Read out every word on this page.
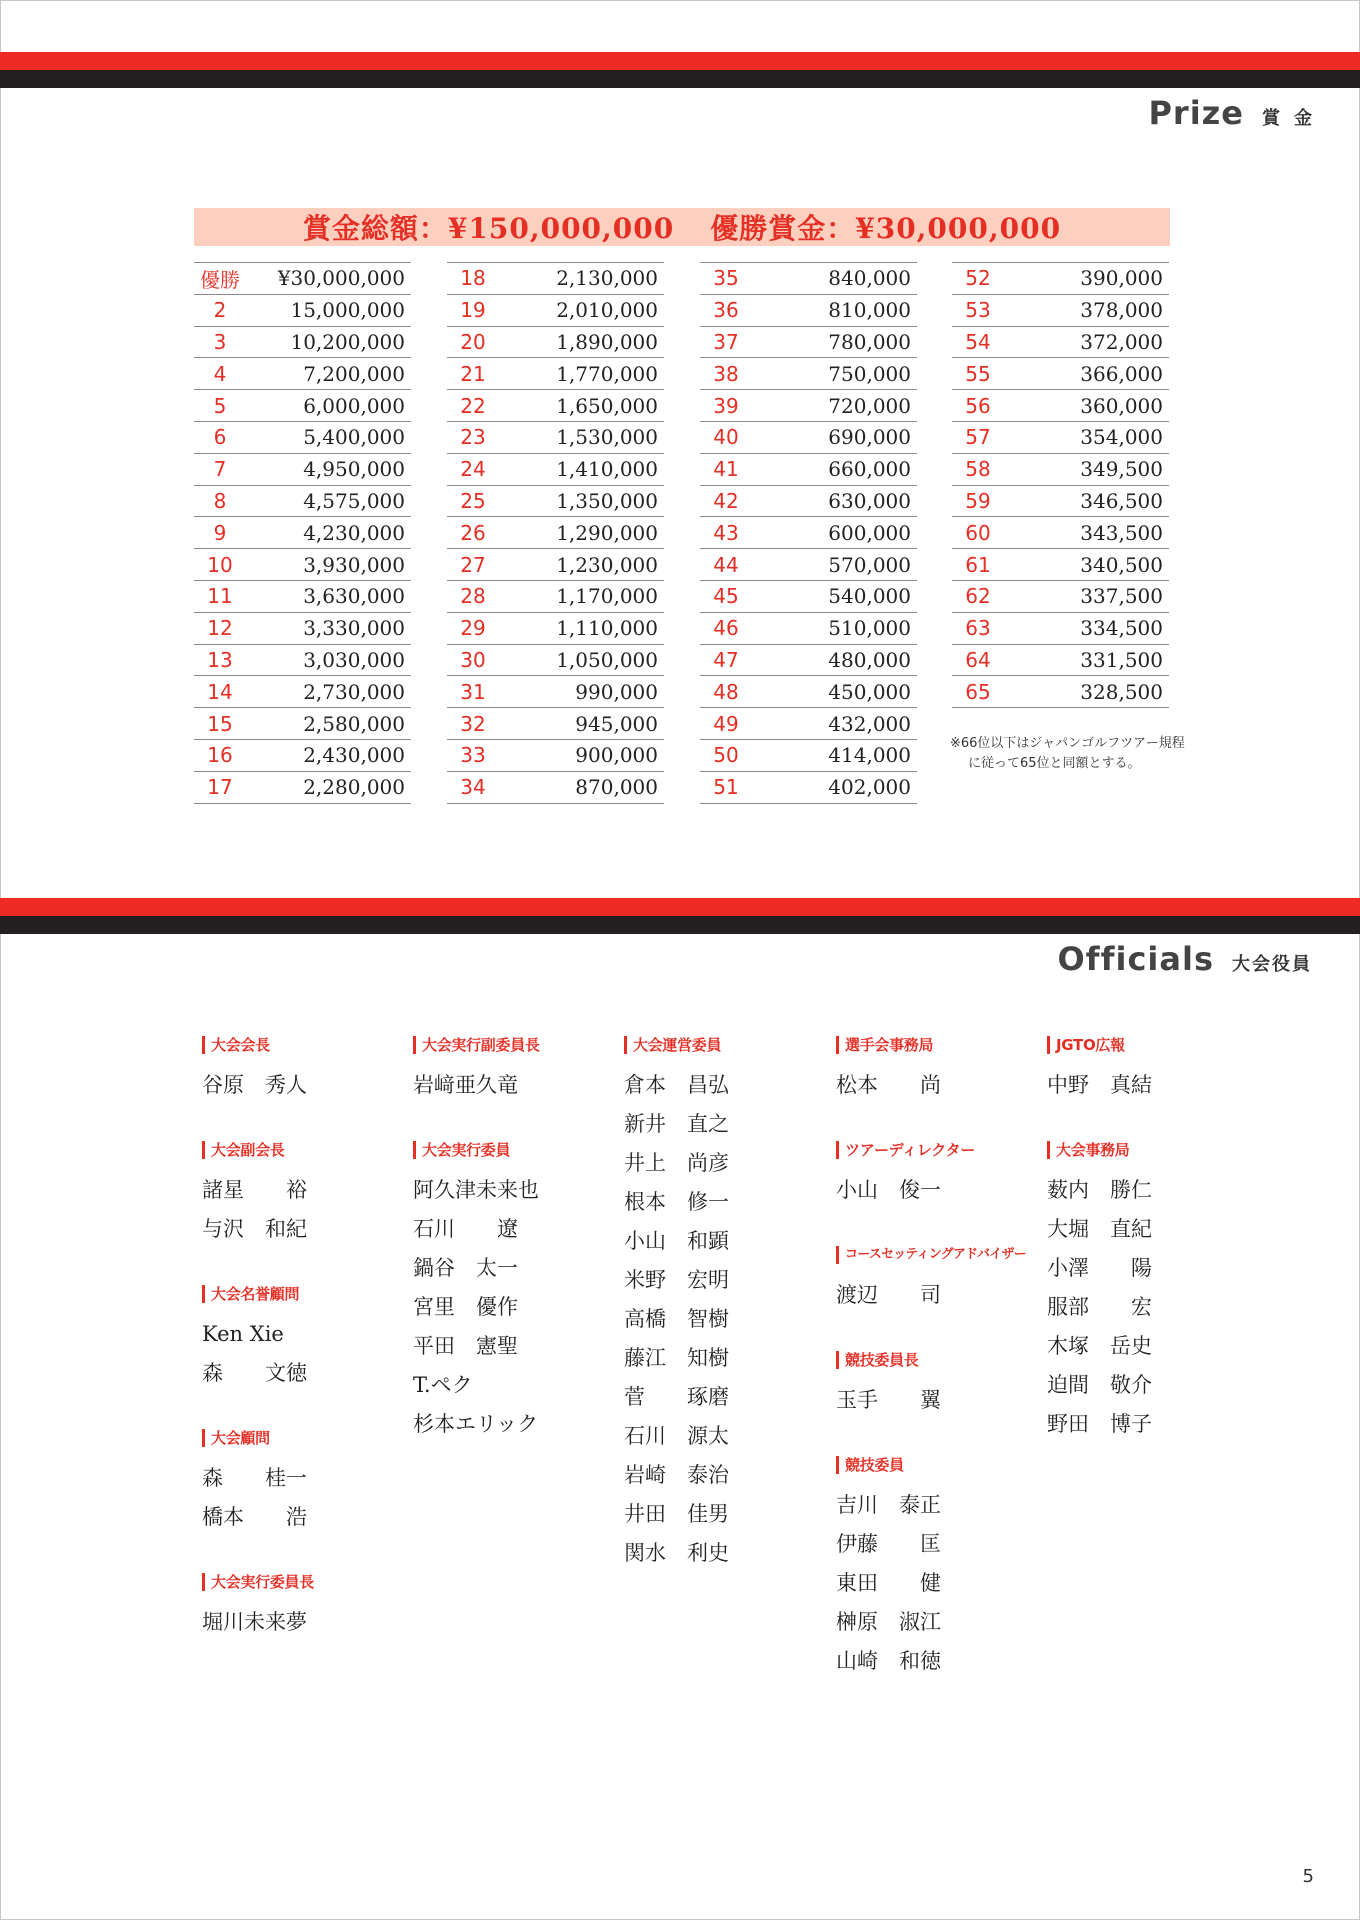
Prize 賞金
賞金総額：¥150,000,000 優勝賞金：¥30,000,000
優勝	¥30,000,000
2	15,000,000
3	10,200,000
4	7,200,000
5	6,000,000
6	5,400,000
7	4,950,000
8	4,575,000
9	4,230,000
10	3,930,000
11	3,630,000
12	3,330,000
13	3,030,000
14	2,730,000
15	2,580,000
16	2,430,000
17	2,280,000
18	2,130,000
19	2,010,000
20	1,890,000
21	1,770,000
22	1,650,000
23	1,530,000
24	1,410,000
25	1,350,000
26	1,290,000
27	1,230,000
28	1,170,000
29	1,110,000
30	1,050,000
31	990,000
32	945,000
33	900,000
34	870,000
35	840,000
36	810,000
37	780,000
38	750,000
39	720,000
40	690,000
41	660,000
42	630,000
43	600,000
44	570,000
45	540,000
46	510,000
47	480,000
48	450,000
49	432,000
50	414,000
51	402,000
52	390,000
53	378,000
54	372,000
55	366,000
56	360,000
57	354,000
58	349,500
59	346,500
60	343,500
61	340,500
62	337,500
63	334,500
64	331,500
65	328,500
※66位以下はジャパンゴルフツアー規程に従って65位と同額とする。
Officials 大会役員
大会会長
谷原　秀人
大会副会長
諸星　　裕
与沢　和紀
大会名誉顧問
Ken Xie
森　　文徳
大会顧問
森　　桂一
橋本　　浩
大会実行委員長
堀川未来夢
大会実行副委員長
岩﨑亜久竜
大会実行委員
阿久津未来也
石川　　遼
鍋谷　太一
宮里　優作
平田　憲聖
T.ペク
杉本エリック
大会運営委員
倉本　昌弘
新井　直之
井上　尚彦
根本　修一
小山　和顕
米野　宏明
高橋　智樹
藤江　知樹
菅　　琢磨
石川　源太
岩崎　泰治
井田　佳男
関水　利史
選手会事務局
松本　　尚
ツアーディレクター
小山　俊一
コースセッティングアドバイザー
渡辺　　司
競技委員長
玉手　　翼
競技委員
吉川　泰正
伊藤　　匡
東田　　健
榊原　淑江
山崎　和徳
JGTO広報
中野　真結
大会事務局
薮内　勝仁
大堀　直紀
小澤　　陽
服部　　宏
木塚　岳史
迫間　敬介
野田　博子
5
